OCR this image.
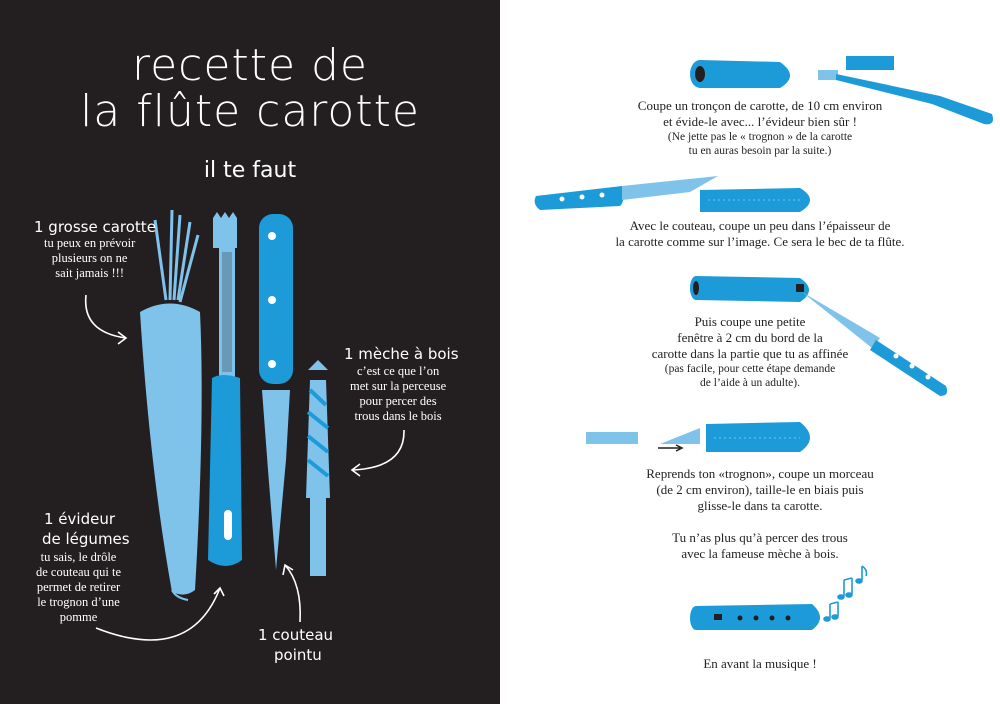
recette de
la flûte carotte
il te faut
1 grosse carotte
tu peux en prévoir
plusieurs on ne
sait jamais !!!
1 mèche à bois
c’est ce que l’on
met sur la perceuse
pour percer des
trous dans le bois
1 évideur
de légumes
tu sais, le drôle
de couteau qui te
permet de retirer
le trognon d’une
pomme
1 couteau
pointu
Coupe un tronçon de carotte, de 10 cm environ
et évide-le avec... l’évideur bien sûr !
(Ne jette pas le « trognon » de la carotte
tu en auras besoin par la suite.)
Avec le couteau, coupe un peu dans l’épaisseur de
la carotte comme sur l’image. Ce sera le bec de ta flûte.
Puis coupe une petite
fenêtre à 2 cm du bord de la
carotte dans la partie que tu as affinée
(pas facile, pour cette étape demande
de l’aide à un adulte).
Reprends ton «trognon», coupe un morceau
(de 2 cm environ), taille-le en biais puis
glisse-le dans ta carotte.
Tu n’as plus qu’à percer des trous
avec la fameuse mèche à bois.
En avant la musique !
